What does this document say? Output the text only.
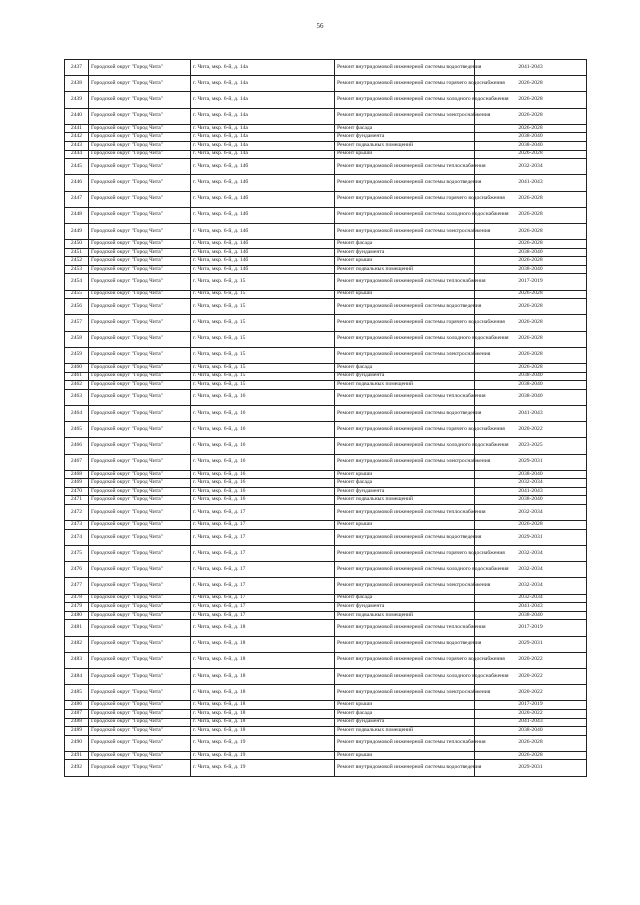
56
2437	Городской округ "Город Чита"	г. Чита, мкр. 6-й, д. 14а	Ремонт внутридомовой инженерной системы водоотведения	2041-2043
2438	Городской округ "Город Чита"	г. Чита, мкр. 6-й, д. 14а	Ремонт внутридомовой инженерной системы горячего водоснабжения	2026-2028
2439	Городской округ "Город Чита"	г. Чита, мкр. 6-й, д. 14а	Ремонт внутридомовой инженерной системы холодного водоснабжения	2026-2028
2440	Городской округ "Город Чита"	г. Чита, мкр. 6-й, д. 14а	Ремонт внутридомовой инженерной системы электроснабжения	2026-2028
2441	Городской округ "Город Чита"	г. Чита, мкр. 6-й, д. 14а	Ремонт фасада	2026-2028
2442	Городской округ "Город Чита"	г. Чита, мкр. 6-й, д. 14а	Ремонт фундамента	2038-2040
2443	Городской округ "Город Чита"	г. Чита, мкр. 6-й, д. 14а	Ремонт подвальных помещений	2038-2040
2444	Городской округ "Город Чита"	г. Чита, мкр. 6-й, д. 14а	Ремонт крыши	2026-2028
2445	Городской округ "Город Чита"	г. Чита, мкр. 6-й, д. 14б	Ремонт внутридомовой инженерной системы теплоснабжения	2032-2034
2446	Городской округ "Город Чита"	г. Чита, мкр. 6-й, д. 14б	Ремонт внутридомовой инженерной системы водоотведения	2041-2043
2447	Городской округ "Город Чита"	г. Чита, мкр. 6-й, д. 14б	Ремонт внутридомовой инженерной системы горячего водоснабжения	2026-2028
2448	Городской округ "Город Чита"	г. Чита, мкр. 6-й, д. 14б	Ремонт внутридомовой инженерной системы холодного водоснабжения	2026-2028
2449	Городской округ "Город Чита"	г. Чита, мкр. 6-й, д. 14б	Ремонт внутридомовой инженерной системы электроснабжения	2026-2028
2450	Городской округ "Город Чита"	г. Чита, мкр. 6-й, д. 14б	Ремонт фасада	2026-2028
2451	Городской округ "Город Чита"	г. Чита, мкр. 6-й, д. 14б	Ремонт фундамента	2038-2040
2452	Городской округ "Город Чита"	г. Чита, мкр. 6-й, д. 14б	Ремонт крыши	2026-2028
2453	Городской округ "Город Чита"	г. Чита, мкр. 6-й, д. 14б	Ремонт подвальных помещений	2038-2040
2454	Городской округ "Город Чита"	г. Чита, мкр. 6-й, д. 15	Ремонт внутридомовой инженерной системы теплоснабжения	2017-2019
2455	Городской округ "Город Чита"	г. Чита, мкр. 6-й, д. 15	Ремонт крыши	2026-2028
2456	Городской округ "Город Чита"	г. Чита, мкр. 6-й, д. 15	Ремонт внутридомовой инженерной системы водоотведения	2026-2028
2457	Городской округ "Город Чита"	г. Чита, мкр. 6-й, д. 15	Ремонт внутридомовой инженерной системы горячего водоснабжения	2026-2028
2458	Городской округ "Город Чита"	г. Чита, мкр. 6-й, д. 15	Ремонт внутридомовой инженерной системы холодного водоснабжения	2026-2028
2459	Городской округ "Город Чита"	г. Чита, мкр. 6-й, д. 15	Ремонт внутридомовой инженерной системы электроснабжения	2026-2028
2460	Городской округ "Город Чита"	г. Чита, мкр. 6-й, д. 15	Ремонт фасада	2026-2028
2461	Городской округ "Город Чита"	г. Чита, мкр. 6-й, д. 15	Ремонт фундамента	2038-2040
2462	Городской округ "Город Чита"	г. Чита, мкр. 6-й, д. 15	Ремонт подвальных помещений	2038-2040
2463	Городской округ "Город Чита"	г. Чита, мкр. 6-й, д. 16	Ремонт внутридомовой инженерной системы теплоснабжения	2038-2040
2464	Городской округ "Город Чита"	г. Чита, мкр. 6-й, д. 16	Ремонт внутридомовой инженерной системы водоотведения	2041-2043
2465	Городской округ "Город Чита"	г. Чита, мкр. 6-й, д. 16	Ремонт внутридомовой инженерной системы горячего водоснабжения	2020-2022
2466	Городской округ "Город Чита"	г. Чита, мкр. 6-й, д. 16	Ремонт внутридомовой инженерной системы холодного водоснабжения	2023-2025
2467	Городской округ "Город Чита"	г. Чита, мкр. 6-й, д. 16	Ремонт внутридомовой инженерной системы электроснабжения	2029-2031
2468	Городской округ "Город Чита"	г. Чита, мкр. 6-й, д. 16	Ремонт крыши	2038-2040
2469	Городской округ "Город Чита"	г. Чита, мкр. 6-й, д. 16	Ремонт фасада	2032-2034
2470	Городской округ "Город Чита"	г. Чита, мкр. 6-й, д. 16	Ремонт фундамента	2041-2043
2471	Городской округ "Город Чита"	г. Чита, мкр. 6-й, д. 16	Ремонт подвальных помещений	2038-2040
2472	Городской округ "Город Чита"	г. Чита, мкр. 6-й, д. 17	Ремонт внутридомовой инженерной системы теплоснабжения	2032-2034
2473	Городской округ "Город Чита"	г. Чита, мкр. 6-й, д. 17	Ремонт крыши	2026-2028
2474	Городской округ "Город Чита"	г. Чита, мкр. 6-й, д. 17	Ремонт внутридомовой инженерной системы водоотведения	2029-2031
2475	Городской округ "Город Чита"	г. Чита, мкр. 6-й, д. 17	Ремонт внутридомовой инженерной системы горячего водоснабжения	2032-2034
2476	Городской округ "Город Чита"	г. Чита, мкр. 6-й, д. 17	Ремонт внутридомовой инженерной системы холодного водоснабжения	2032-2034
2477	Городской округ "Город Чита"	г. Чита, мкр. 6-й, д. 17	Ремонт внутридомовой инженерной системы электроснабжения	2032-2034
2478	Городской округ "Город Чита"	г. Чита, мкр. 6-й, д. 17	Ремонт фасада	2032-2034
2479	Городской округ "Город Чита"	г. Чита, мкр. 6-й, д. 17	Ремонт фундамента	2041-2043
2480	Городской округ "Город Чита"	г. Чита, мкр. 6-й, д. 17	Ремонт подвальных помещений	2038-2040
2481	Городской округ "Город Чита"	г. Чита, мкр. 6-й, д. 18	Ремонт внутридомовой инженерной системы теплоснабжения	2017-2019
2482	Городской округ "Город Чита"	г. Чита, мкр. 6-й, д. 18	Ремонт внутридомовой инженерной системы водоотведения	2029-2031
2483	Городской округ "Город Чита"	г. Чита, мкр. 6-й, д. 18	Ремонт внутридомовой инженерной системы горячего водоснабжения	2020-2022
2484	Городской округ "Город Чита"	г. Чита, мкр. 6-й, д. 18	Ремонт внутридомовой инженерной системы холодного водоснабжения	2020-2022
2485	Городской округ "Город Чита"	г. Чита, мкр. 6-й, д. 18	Ремонт внутридомовой инженерной системы электроснабжения	2020-2022
2486	Городской округ "Город Чита"	г. Чита, мкр. 6-й, д. 18	Ремонт крыши	2017-2019
2487	Городской округ "Город Чита"	г. Чита, мкр. 6-й, д. 18	Ремонт фасада	2020-2022
2488	Городской округ "Город Чита"	г. Чита, мкр. 6-й, д. 18	Ремонт фундамента	2041-2043
2489	Городской округ "Город Чита"	г. Чита, мкр. 6-й, д. 18	Ремонт подвальных помещений	2038-2040
2490	Городской округ "Город Чита"	г. Чита, мкр. 6-й, д. 19	Ремонт внутридомовой инженерной системы теплоснабжения	2026-2028
2491	Городской округ "Город Чита"	г. Чита, мкр. 6-й, д. 19	Ремонт крыши	2026-2028
2492	Городской округ "Город Чита"	г. Чита, мкр. 6-й, д. 19	Ремонт внутридомовой инженерной системы водоотведения	2029-2031
